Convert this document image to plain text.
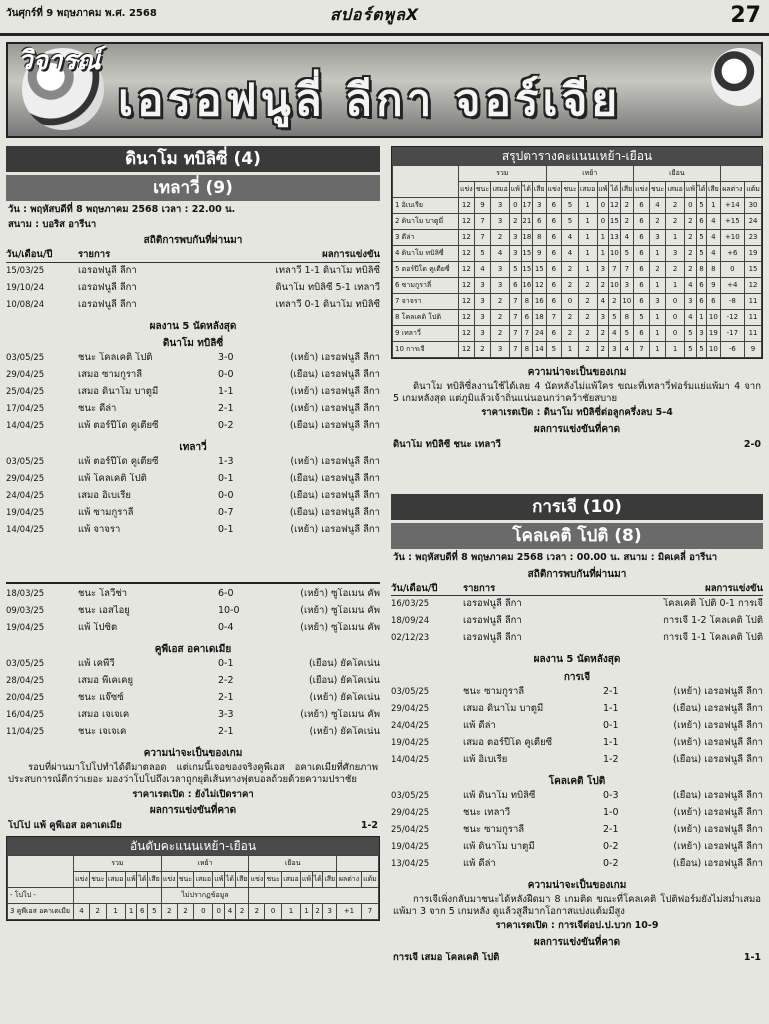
วันศุกร์ที่ 9 พฤษภาคม พ.ศ. 2568	สปอร์ตพูลX	27
วิจารณ์
เอรอฟนูลี่ ลีกา จอร์เจีย
ดินาโม ทบิลิซี่ (4)
เทลาวี่ (9)
วัน : พฤหัสบดีที่ 8 พฤษภาคม 2568 เวลา : 22.00 น.
สนาม : บอริส อารีนา
สถิติการพบกันที่ผ่านมา
วัน/เดือน/ปี	รายการ	ผลการแข่งขัน
15/03/25	เอรอฟนูลี่ ลีกา	เทลาวี่ 1-1 ดินาโม ทบิลิซี่
19/10/24	เอรอฟนูลี่ ลีกา	ดินาโม ทบิลิซี่ 5-1 เทลาวี่
10/08/24	เอรอฟนูลี่ ลีกา	เทลาวี่ 0-1 ดินาโม ทบิลิซี่
ผลงาน 5 นัดหลังสุด
ดินาโม ทบิลิซี่
03/05/25	ชนะ โคลเคติ โปติ	3-0	(เหย้า) เอรอฟนูลี่ ลีกา
29/04/25	เสมอ ซามกูราลี่	0-0	(เยือน) เอรอฟนูลี่ ลีกา
25/04/25	เสมอ ดินาโม บาตูมี่	1-1	(เหย้า) เอรอฟนูลี่ ลีกา
17/04/25	ชนะ ดีล่า	2-1	(เหย้า) เอรอฟนูลี่ ลีกา
14/04/25	แพ้ ตอร์ปีโด คูเตียซี่	0-2	(เยือน) เอรอฟนูลี่ ลีกา
เทลาวี่
03/05/25	แพ้ ตอร์ปีโด คูเตียซี่	1-3	(เหย้า) เอรอฟนูลี่ ลีกา
29/04/25	แพ้ โคลเคติ โปติ	0-1	(เยือน) เอรอฟนูลี่ ลีกา
24/04/25	เสมอ อิเบเรีย	0-0	(เยือน) เอรอฟนูลี่ ลีกา
19/04/25	แพ้ ซามกูราลี่	0-7	(เยือน) เอรอฟนูลี่ ลีกา
14/04/25	แพ้ จาจรา	0-1	(เหย้า) เอรอฟนูลี่ ลีกา
18/03/25	ชนะ โลวีช่า	6-0	(เหย้า) ซูโอเมน คัพ
09/03/25	ชนะ เอสไอยู	10-0	(เหย้า) ซูโอเมน คัพ
19/04/25	แพ้ โปซิต	0-4	(เหย้า) ซูโอเมน คัพ
คูพีเอส อคาเดเมีย
03/05/25	แพ้ เคพีวี	0-1	(เยือน) ยัคโคเน่น
28/04/25	เสมอ พีเคเคยู	2-2	(เยือน) ยัคโคเน่น
20/04/25	ชนะ แจ๊ซซ์	2-1	(เหย้า) ยัคโคเน่น
16/04/25	เสมอ เจเจเค	3-3	(เหย้า) ซูโอเมน คัพ
11/04/25	ชนะ เจเจเค	2-1	(เหย้า) ยัคโคเน่น
ความน่าจะเป็นของเกม
รอบที่ผ่านมาโปโปทำได้ดีมาตลอด แต่เกมนี้เจอของจริงคูพีเอส อคาเดเมียที่ศักยภาพประสบการณ์ดีกว่าเยอะ มองว่าโปโปถึงเวลาถูกยุติเส้นทางฟุตบอลถ้วยด้วยความปราชัย
ราคาเรตเปิด : ยังไม่เปิดราคา
ผลการแข่งขันที่คาด
โปโป แพ้ คูพีเอส อคาเดเมีย	1-2
อันดับคะแนนเหย้า-เยือน
	รวม						เหย้า						เยือน							
	แข่ง	ชนะ	เสมอ	แพ้	ได้	เสีย	แข่ง	ชนะ	เสมอ	แพ้	ได้	เสีย	แข่ง	ชนะ	เสมอ	แพ้	ได้	เสีย	ผลต่าง	แต้ม
- โปโป -							ไม่ปรากฏข้อมูล													
3 คูพีเอส อคาเดเมีย	4	2	1	1	6	5	2	2	0	0	4	2	2	0	1	1	2	3	+1	7
สรุปตารางคะแนนเหย้า-เยือน
	รวม						เหย้า						เยือน							
	แข่ง	ชนะ	เสมอ	แพ้	ได้	เสีย	แข่ง	ชนะ	เสมอ	แพ้	ได้	เสีย	แข่ง	ชนะ	เสมอ	แพ้	ได้	เสีย	ผลต่าง	แต้ม
1 อิเบเรีย	12	9	3	0	17	3	6	5	1	0	12	2	6	4	2	0	5	1	+14	30
2 ดินาโม บาตูมี่	12	7	3	2	21	6	6	5	1	0	15	2	6	2	2	2	6	4	+15	24
3 ดีล่า	12	7	2	3	18	8	6	4	1	1	13	4	6	3	1	2	5	4	+10	23
4 ดินาโม ทบิลิซี่	12	5	4	3	15	9	6	4	1	1	10	5	6	1	3	2	5	4	+6	19
5 ตอร์ปีโด คูเตียซี่	12	4	3	5	15	15	6	2	1	3	7	7	6	2	2	2	8	8	0	15
6 ซามกูราลี่	12	3	3	6	16	12	6	2	2	2	10	3	6	1	1	4	6	9	+4	12
7 จาจรา	12	3	2	7	8	16	6	0	2	4	2	10	6	3	0	3	6	6	-8	11
8 โคลเคติ โปติ	12	3	2	7	6	18	7	2	2	3	5	8	5	1	0	4	1	10	-12	11
9 เทลาวี่	12	3	2	7	7	24	6	2	2	2	4	5	6	1	0	5	3	19	-17	11
10 การเจี	12	2	3	7	8	14	5	1	2	2	3	4	7	1	1	5	5	10	-6	9
ความน่าจะเป็นของเกม
ดินาโม ทบิลิซี่ลงานใช้ได้เลย 4 นัดหลังไม่แพ้ใคร ขณะที่เทลาวี่ฟอร์มแย่แพ้มา 4 จาก 5 เกมหลังสุด แต่ภูมิแล้วเจ้าถิ่นแน่นอนกว่าคว้าชัยสบาย
ราคาเรตเปิด : ดินาโม ทบิลิซี่ต่อลูกครึ่งลบ 5-4
ผลการแข่งขันที่คาด
ดินาโม ทบิลิซี่ ชนะ เทลาวี่	2-0
การเจี (10)
โคลเคติ โปติ (8)
วัน : พฤหัสบดีที่ 8 พฤษภาคม 2568 เวลา : 00.00 น. สนาม : มิคเคลี่ อารีนา
สถิติการพบกันที่ผ่านมา
วัน/เดือน/ปี	รายการ	ผลการแข่งขัน
16/03/25	เอรอฟนูลี่ ลีกา	โคลเคติ โปติ 0-1 การเจี
18/09/24	เอรอฟนูลี่ ลีกา	การเจี 1-2 โคลเคติ โปติ
02/12/23	เอรอฟนูลี่ ลีกา	การเจี 1-1 โคลเคติ โปติ
ผลงาน 5 นัดหลังสุด
การเจี
03/05/25	ชนะ ซามกูราลี่	2-1	(เหย้า) เอรอฟนูลี่ ลีกา
29/04/25	เสมอ ดินาโม บาตูมี่	1-1	(เยือน) เอรอฟนูลี่ ลีกา
24/04/25	แพ้ ดีล่า	0-1	(เหย้า) เอรอฟนูลี่ ลีกา
19/04/25	เสมอ ตอร์ปีโด คูเตียซี่	1-1	(เหย้า) เอรอฟนูลี่ ลีกา
14/04/25	แพ้ อิเบเรีย	1-2	(เยือน) เอรอฟนูลี่ ลีกา
โคลเคติ โปติ
03/05/25	แพ้ ดินาโม ทบิลิซี่	0-3	(เยือน) เอรอฟนูลี่ ลีกา
29/04/25	ชนะ เทลาวี่	1-0	(เหย้า) เอรอฟนูลี่ ลีกา
25/04/25	ชนะ ซามกูราลี่	2-1	(เหย้า) เอรอฟนูลี่ ลีกา
19/04/25	แพ้ ดินาโม บาตูมี่	0-2	(เหย้า) เอรอฟนูลี่ ลีกา
13/04/25	แพ้ ดีล่า	0-2	(เยือน) เอรอฟนูลี่ ลีกา
ความน่าจะเป็นของเกม
การเจีเพิ่งกลับมาชนะได้หลังฝืดมา 8 เกมติด ขณะที่โคลเคติ โปติฟอร์มยังไม่สม่ำเสมอแพ้มา 3 จาก 5 เกมหลัง ดูแล้วสูสีมากโอกาสแบ่งแต้มมีสูง
ราคาเรตเปิด : การเจีต่อป.ป.บวก 10-9
ผลการแข่งขันที่คาด
การเจี เสมอ โคลเคติ โปติ	1-1
